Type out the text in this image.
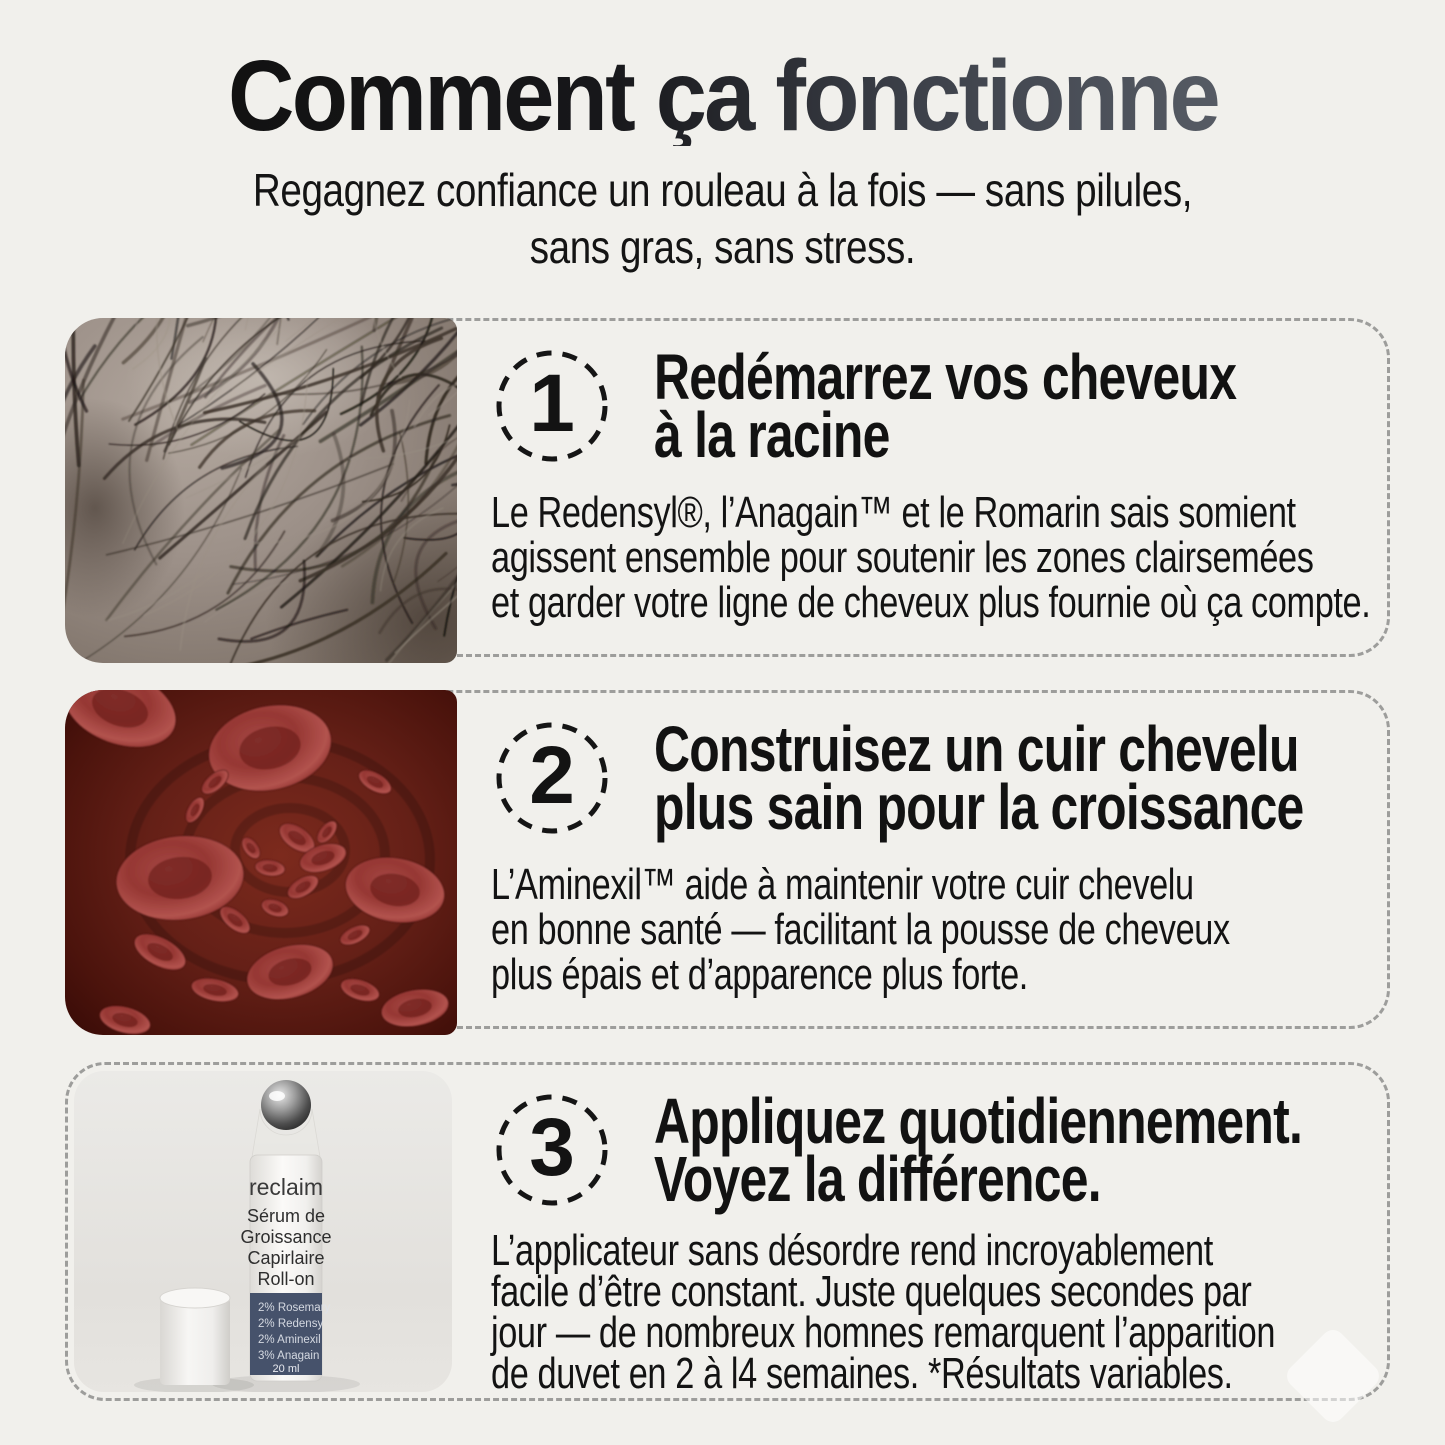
Comment ça fonctionne
Regagnez confiance un rouleau à la fois — sans pilules,
sans gras, sans stress.
1	Redémarrez vos cheveux
à la racine
Le Redensyl®, l’Anagain™ et le Romarin sais somient
agissent ensemble pour soutenir les zones clairsemées
et garder votre ligne de cheveux plus fournie où ça compte.
2	Construisez un cuir chevelu
plus sain pour la croissance
L’Aminexil™ aide à maintenir votre cuir chevelu
en bonne santé — facilitant la pousse de cheveux
plus épais et d’apparence plus forte.
reclaim
Sérum de
Groissance
Capirlaire
Roll-on
2% Rosemary
2% Redensy
2% Aminexil
3% Anagain
20 ml
3	Appliquez quotidiennement.
Voyez la différence.
L’applicateur sans désordre rend incroyablement
facile d’être constant. Juste quelques secondes par
jour — de nombreux homnes remarquent l’apparition
de duvet en 2 à l4 semaines. *Résultats variables.
